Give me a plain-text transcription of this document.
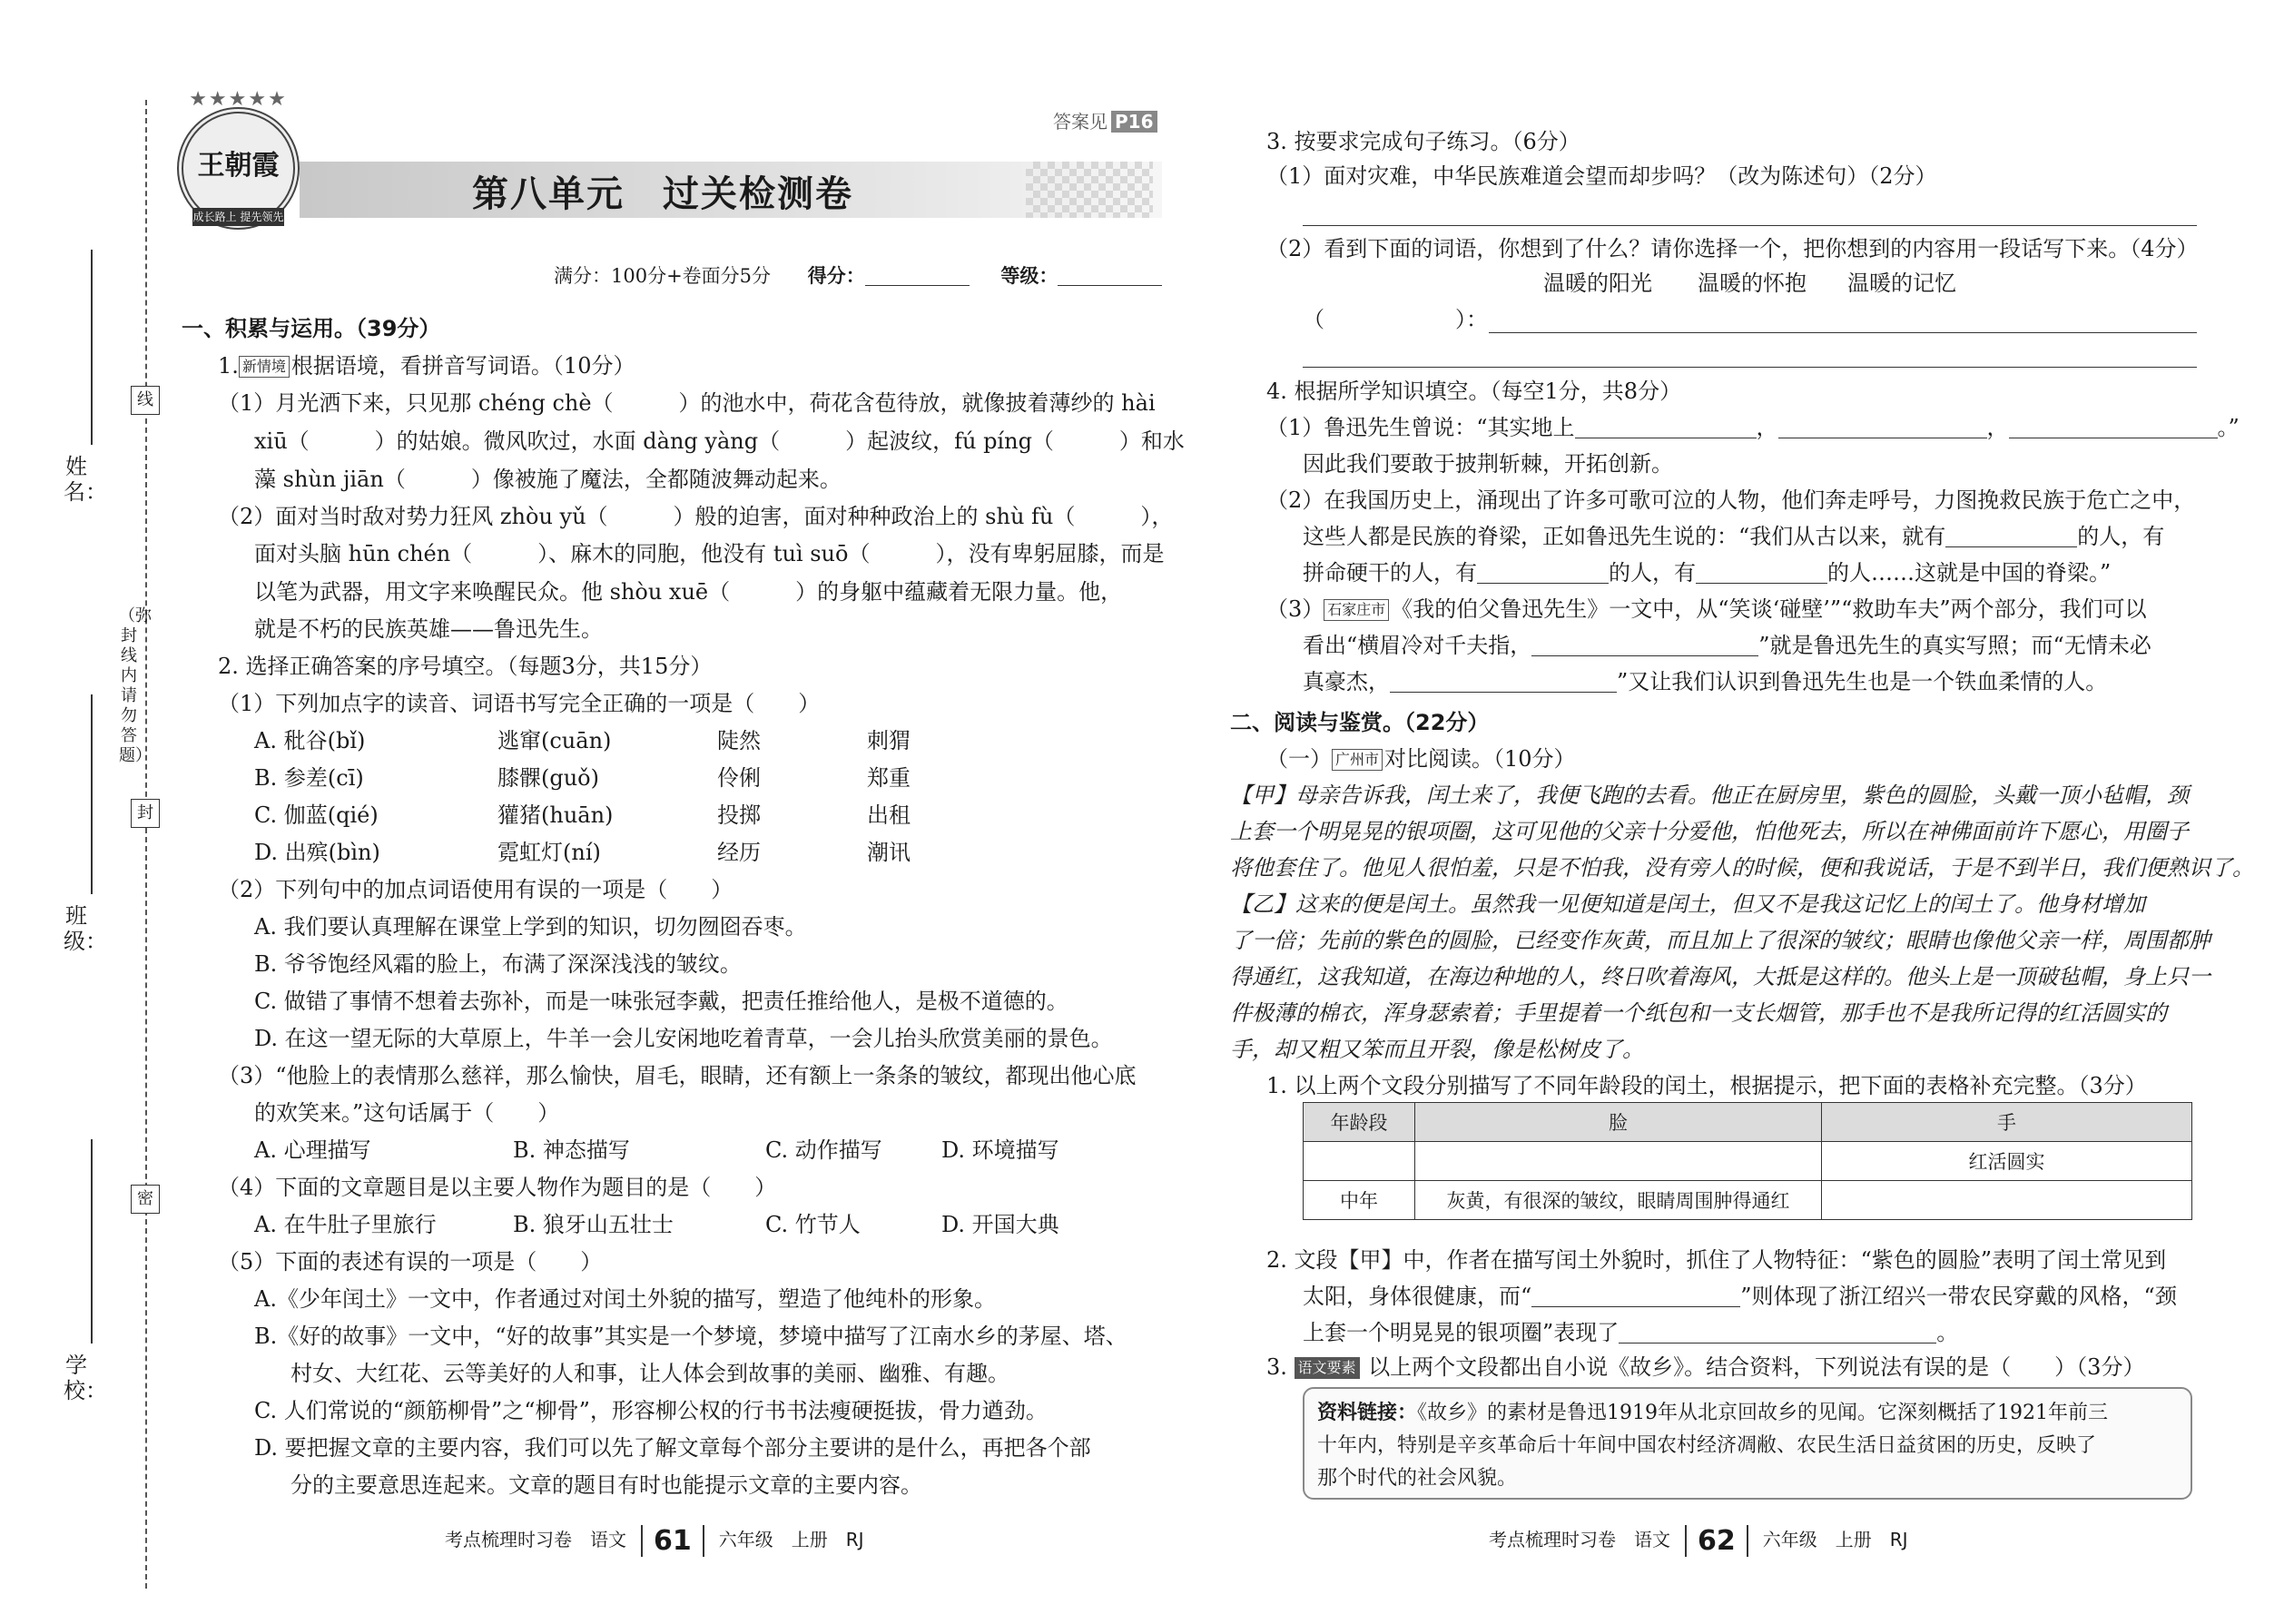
线
封
密
姓名：
班级：
学校：
（弥封线内请勿答题）
★★★★★
王朝霞
成长路上 提先领先
答案见 P16
第八单元　过关检测卷
满分：100分+卷面分5分 得分：	等级：
一、积累与运用。（39分）
1. 新情境 根据语境，看拼音写词语。（10分）
（1）月光洒下来，只见那 chéng chè（　　　）的池水中，荷花含苞待放，就像披着薄纱的 hài
xiū（　　　）的姑娘。微风吹过，水面 dàng yàng（　　　）起波纹，fú píng（　　　）和水
藻 shùn jiān（　　　）像被施了魔法，全都随波舞动起来。
（2）面对当时敌对势力狂风 zhòu yǔ（　　　）般的迫害，面对种种政治上的 shù fù（　　　），
面对头脑 hūn chén（　　　）、麻木的同胞，他没有 tuì suō（　　　），没有卑躬屈膝，而是
以笔为武器，用文字来唤醒民众。他 shòu xuē（　　　）的身躯中蕴藏着无限力量。他，
就是不朽的民族英雄——鲁迅先生。
2. 选择正确答案的序号填空。（每题3分，共15分）
（1）下列加点字的读音、词语书写完全正确的一项是（　　）
A. 秕谷(bǐ)	逃窜(cuān)	陡然	刺猬
B. 参差(cī)	膝髁(guǒ)	伶俐	郑重
C. 伽蓝(qié)	獾猪(huān)	投掷	出租
D. 出殡(bìn)	霓虹灯(ní)	经历	潮讯
（2）下列句中的加点词语使用有误的一项是（　　）
A. 我们要认真理解在课堂上学到的知识，切勿囫囵吞枣。
B. 爷爷饱经风霜的脸上，布满了深深浅浅的皱纹。
C. 做错了事情不想着去弥补，而是一味张冠李戴，把责任推给他人，是极不道德的。
D. 在这一望无际的大草原上，牛羊一会儿安闲地吃着青草，一会儿抬头欣赏美丽的景色。
（3）“他脸上的表情那么慈祥，那么愉快，眉毛，眼睛，还有额上一条条的皱纹，都现出他心底
的欢笑来。”这句话属于（　　）
A. 心理描写	B. 神态描写	C. 动作描写	D. 环境描写
（4）下面的文章题目是以主要人物作为题目的是（　　）
A. 在牛肚子里旅行	B. 狼牙山五壮士	C. 竹节人	D. 开国大典
（5）下面的表述有误的一项是（　　）
A.《少年闰土》一文中，作者通过对闰土外貌的描写，塑造了他纯朴的形象。
B.《好的故事》一文中，“好的故事”其实是一个梦境，梦境中描写了江南水乡的茅屋、塔、
村女、大红花、云等美好的人和事，让人体会到故事的美丽、幽雅、有趣。
C. 人们常说的“颜筋柳骨”之“柳骨”，形容柳公权的行书书法瘦硬挺拔，骨力遒劲。
D. 要把握文章的主要内容，我们可以先了解文章每个部分主要讲的是什么，再把各个部
分的主要意思连起来。文章的题目有时也能提示文章的主要内容。
考点梳理时习卷　语文 61 六年级　上册　RJ
3. 按要求完成句子练习。（6分）
（1）面对灾难，中华民族难道会望而却步吗？（改为陈述句）（2分）
（2）看到下面的词语，你想到了什么？请你选择一个，把你想到的内容用一段话写下来。（4分）
温暖的阳光 温暖的怀抱 温暖的记忆
（　　　　　　）：
4. 根据所学知识填空。（每空1分，共8分）
（1）鲁迅先生曾说：“其实地上	，	，	。”
因此我们要敢于披荆斩棘，开拓创新。
（2）在我国历史上，涌现出了许多可歌可泣的人物，他们奔走呼号，力图挽救民族于危亡之中，
这些人都是民族的脊梁，正如鲁迅先生说的：“我们从古以来，就有	的人，有
拼命硬干的人，有	的人，有	的人……这就是中国的脊梁。”
（3） 石家庄市 《我的伯父鲁迅先生》一文中，从“笑谈‘碰壁’”“救助车夫”两个部分，我们可以
看出“横眉冷对千夫指，	”就是鲁迅先生的真实写照；而“无情未必
真豪杰，	”又让我们认识到鲁迅先生也是一个铁血柔情的人。
二、阅读与鉴赏。（22分）
（一） 广州市 对比阅读。（10分）
【甲】母亲告诉我，闰土来了，我便飞跑的去看。他正在厨房里，紫色的圆脸，头戴一顶小毡帽，颈
上套一个明晃晃的银项圈，这可见他的父亲十分爱他，怕他死去，所以在神佛面前许下愿心，用圈子
将他套住了。他见人很怕羞，只是不怕我，没有旁人的时候，便和我说话，于是不到半日，我们便熟识了。
【乙】这来的便是闰土。虽然我一见便知道是闰土，但又不是我这记忆上的闰土了。他身材增加
了一倍；先前的紫色的圆脸，已经变作灰黄，而且加上了很深的皱纹；眼睛也像他父亲一样，周围都肿
得通红，这我知道，在海边种地的人，终日吹着海风，大抵是这样的。他头上是一顶破毡帽，身上只一
件极薄的棉衣，浑身瑟索着；手里提着一个纸包和一支长烟管，那手也不是我所记得的红活圆实的
手，却又粗又笨而且开裂，像是松树皮了。
1. 以上两个文段分别描写了不同年龄段的闰土，根据提示，把下面的表格补充完整。（3分）
年龄段	脸	手
		红活圆实
中年	灰黄，有很深的皱纹，眼睛周围肿得通红	
2. 文段【甲】中，作者在描写闰土外貌时，抓住了人物特征：“紫色的圆脸”表明了闰土常见到
太阳，身体很健康，而“	”则体现了浙江绍兴一带农民穿戴的风格，“颈
上套一个明晃晃的银项圈”表现了	。
3. 语文要素 以上两个文段都出自小说《故乡》。结合资料，下列说法有误的是（　　）（3分）
资料链接：《故乡》的素材是鲁迅1919年从北京回故乡的见闻。它深刻概括了1921年前三
十年内，特别是辛亥革命后十年间中国农村经济凋敝、农民生活日益贫困的历史，反映了
那个时代的社会风貌。
考点梳理时习卷　语文 62 六年级　上册　RJ
